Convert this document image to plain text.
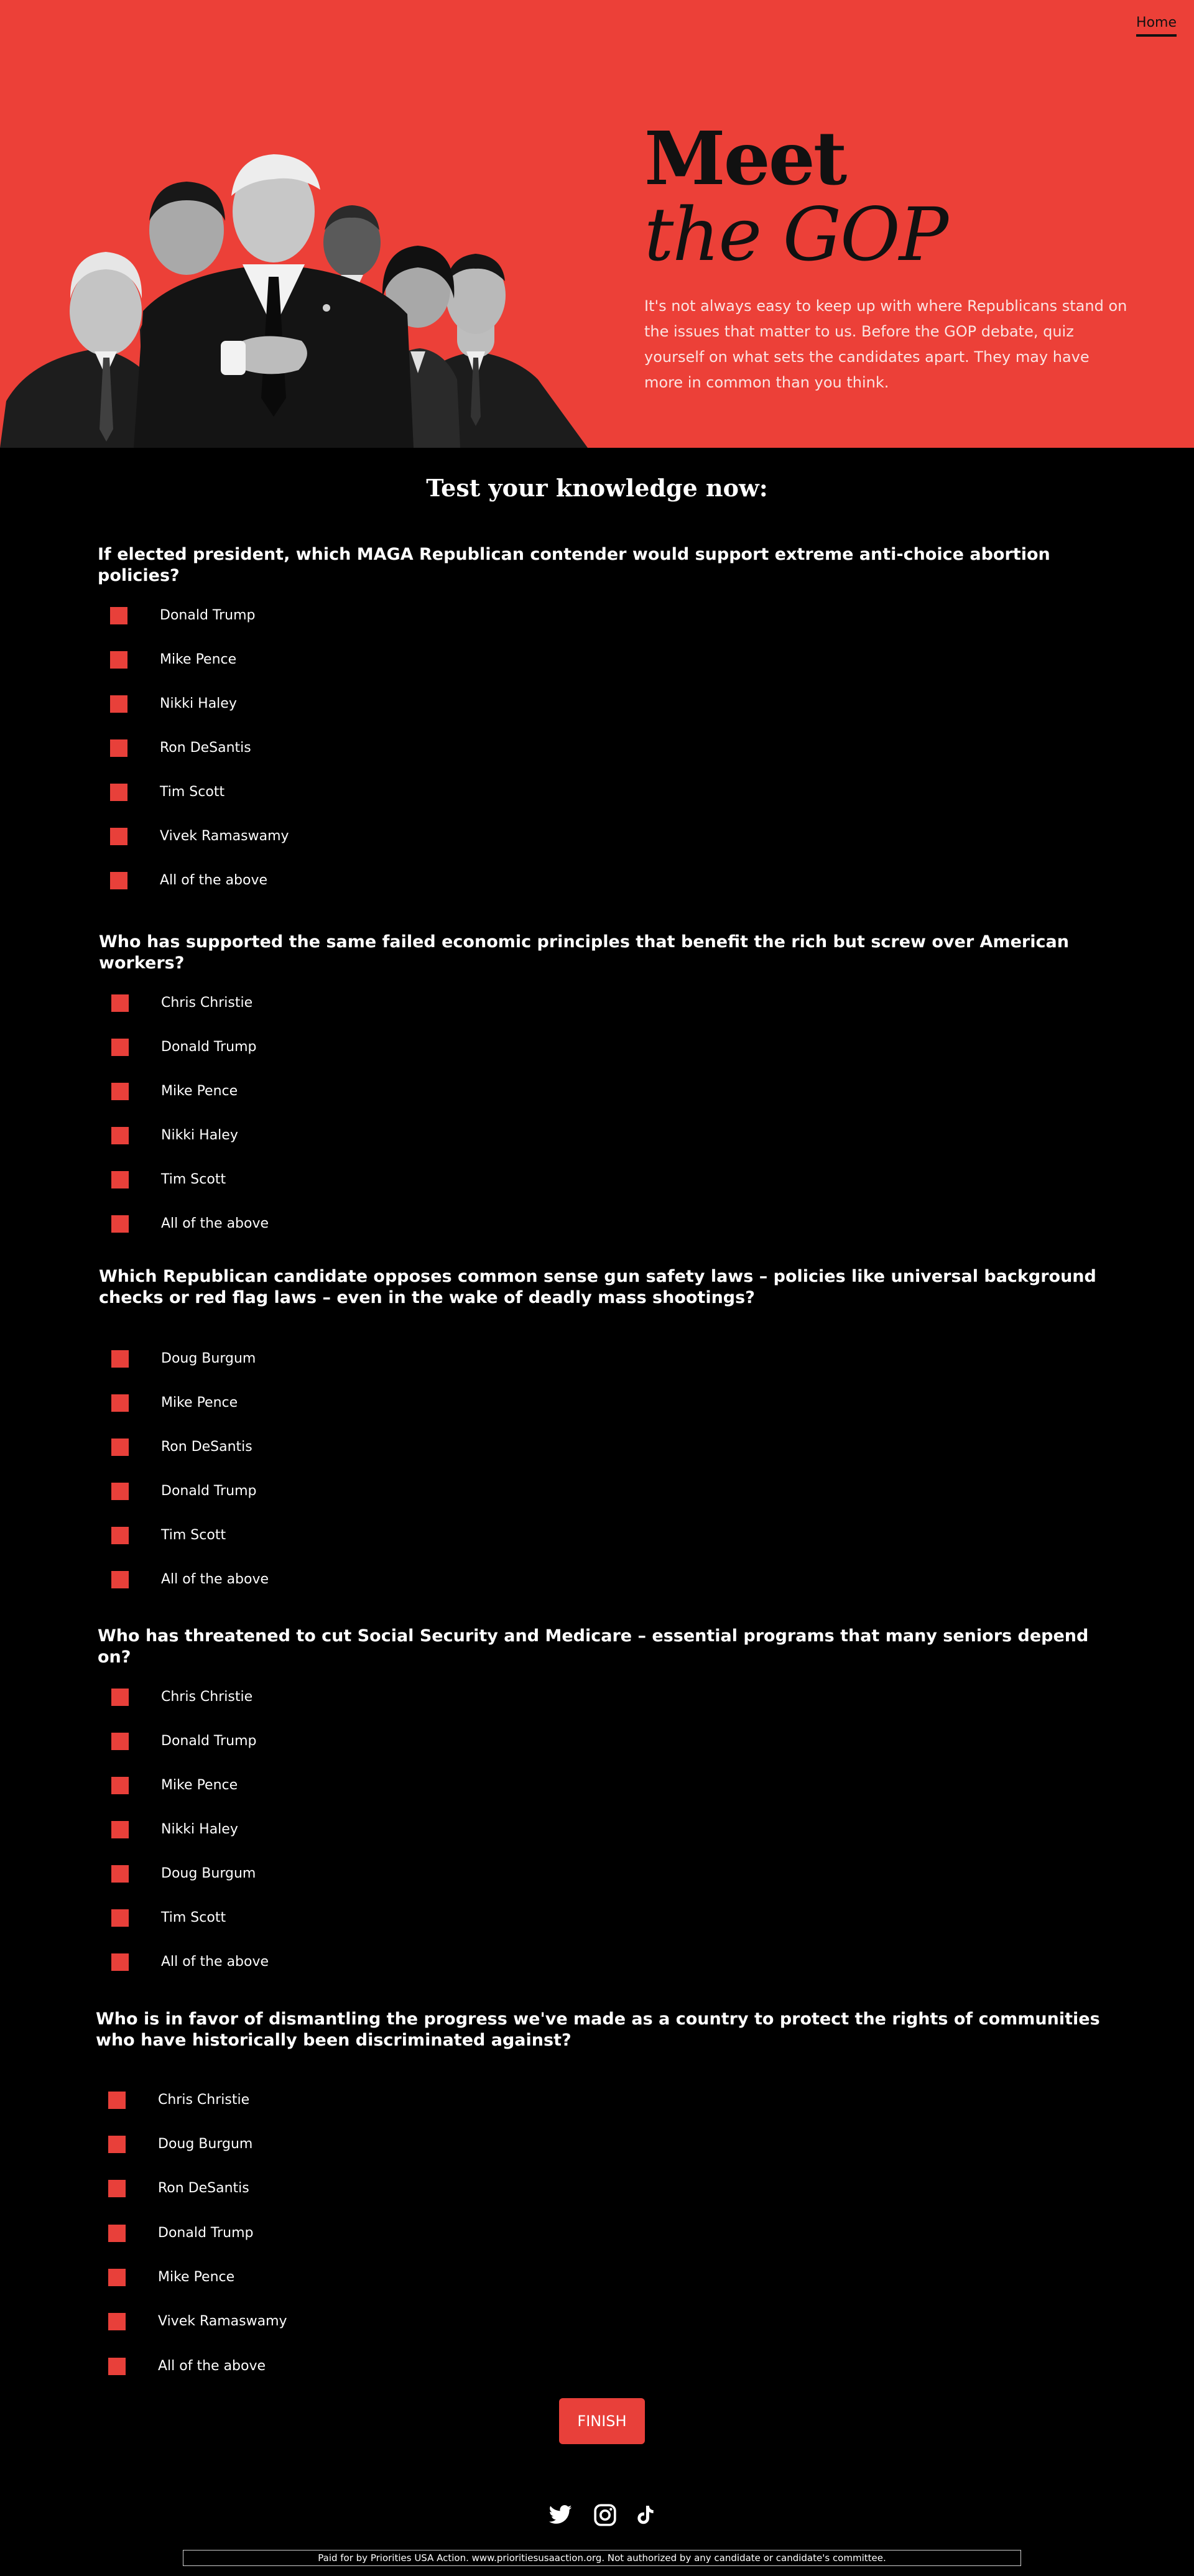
Home
Meet
the GOP
It's not always easy to keep up with where Republicans stand on the issues that matter to us. Before the GOP debate, quiz yourself on what sets the candidates apart. They may have more in common than you think.
Test your knowledge now:
If elected president, which MAGA Republican contender would support extreme anti-choice abortion policies?
Donald Trump
Mike Pence
Nikki Haley
Ron DeSantis
Tim Scott
Vivek Ramaswamy
All of the above
Who has supported the same failed economic principles that benefit the rich but screw over American workers?
Chris Christie
Donald Trump
Mike Pence
Nikki Haley
Tim Scott
All of the above
Which Republican candidate opposes common sense gun safety laws – policies like universal background checks or red flag laws – even in the wake of deadly mass shootings?
Doug Burgum
Mike Pence
Ron DeSantis
Donald Trump
Tim Scott
All of the above
Who has threatened to cut Social Security and Medicare – essential programs that many seniors depend on?
Chris Christie
Donald Trump
Mike Pence
Nikki Haley
Doug Burgum
Tim Scott
All of the above
Who is in favor of dismantling the progress we've made as a country to protect the rights of communities who have historically been discriminated against?
Chris Christie
Doug Burgum
Ron DeSantis
Donald Trump
Mike Pence
Vivek Ramaswamy
All of the above
FINISH
Paid for by Priorities USA Action. www.prioritiesusaaction.org. Not authorized by any candidate or candidate's committee.
